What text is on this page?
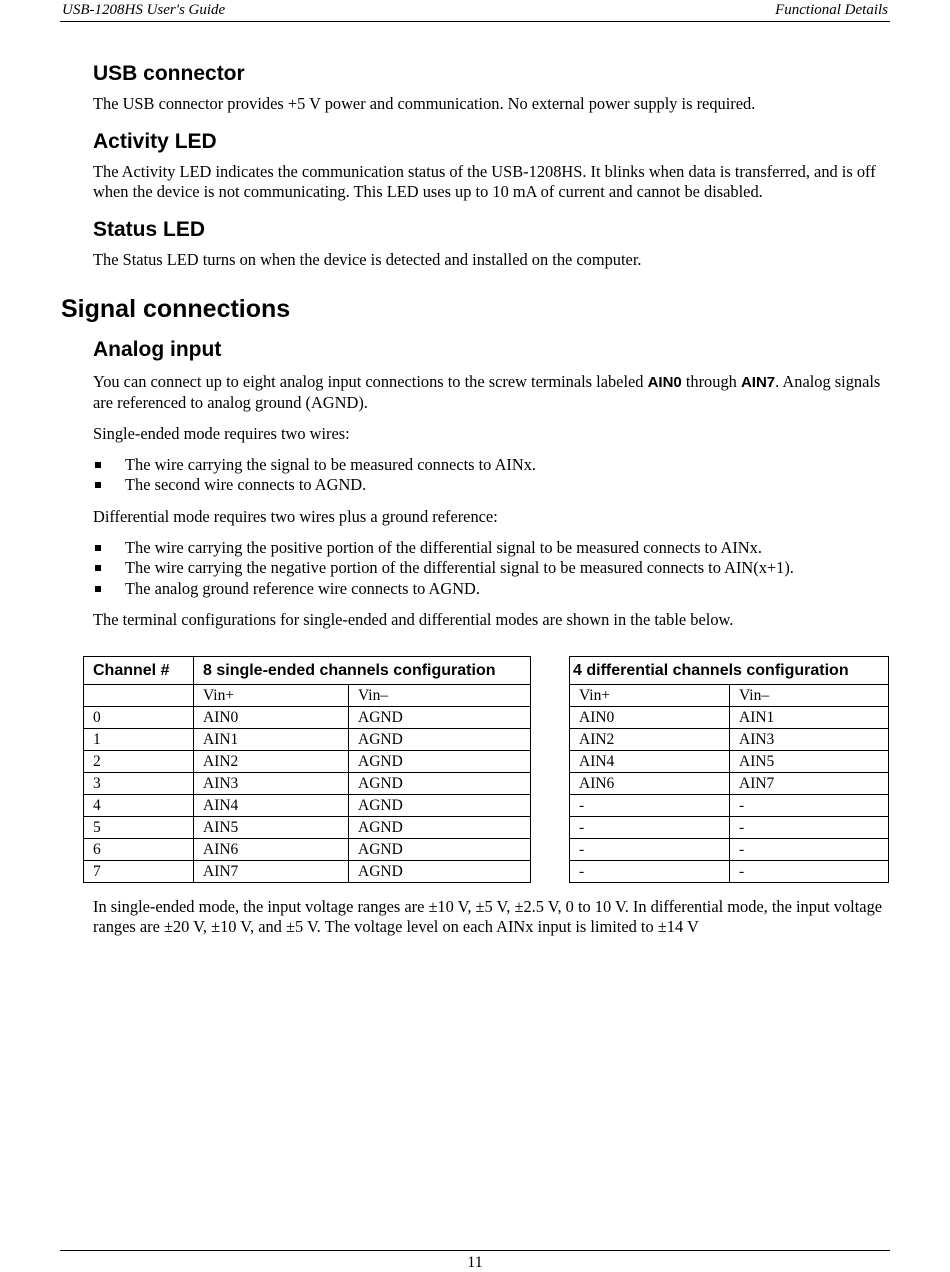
USB-1208HS User's Guide	Functional Details
USB connector

The USB connector provides +5 V power and communication. No external power supply is required.

Activity LED

The Activity LED indicates the communication status of the USB-1208HS. It blinks when data is transferred, and is off when the device is not communicating. This LED uses up to 10 mA of current and cannot be disabled.

Status LED

The Status LED turns on when the device is detected and installed on the computer.

Signal connections
Analog input

You can connect up to eight analog input connections to the screw terminals labeled AIN0 through AIN7. Analog signals are referenced to analog ground (AGND).

Single-ended mode requires two wires:

The wire carrying the signal to be measured connects to AINx.
The second wire connects to AGND.

Differential mode requires two wires plus a ground reference:

The wire carrying the positive portion of the differential signal to be measured connects to AINx.
The wire carrying the negative portion of the differential signal to be measured connects to AIN(x+1).
The analog ground reference wire connects to AGND.

The terminal configurations for single-ended and differential modes are shown in the table below.

Channel #	8 single-ended channels configuration	
	Vin+	Vin–
0	AIN0	AGND
1	AIN1	AGND
2	AIN2	AGND
3	AIN3	AGND
4	AIN4	AGND
5	AIN5	AGND
6	AIN6	AGND
7	AIN7	AGND
4 differential channels configuration	
Vin+	Vin–
AIN0	AIN1
AIN2	AIN3
AIN4	AIN5
AIN6	AIN7
-	-
-	-
-	-
-	-

In single-ended mode, the input voltage ranges are ±10 V, ±5 V, ±2.5 V, 0 to 10 V. In differential mode, the input voltage ranges are ±20 V, ±10 V, and ±5 V. The voltage level on each AINx input is limited to ±14 V

11
